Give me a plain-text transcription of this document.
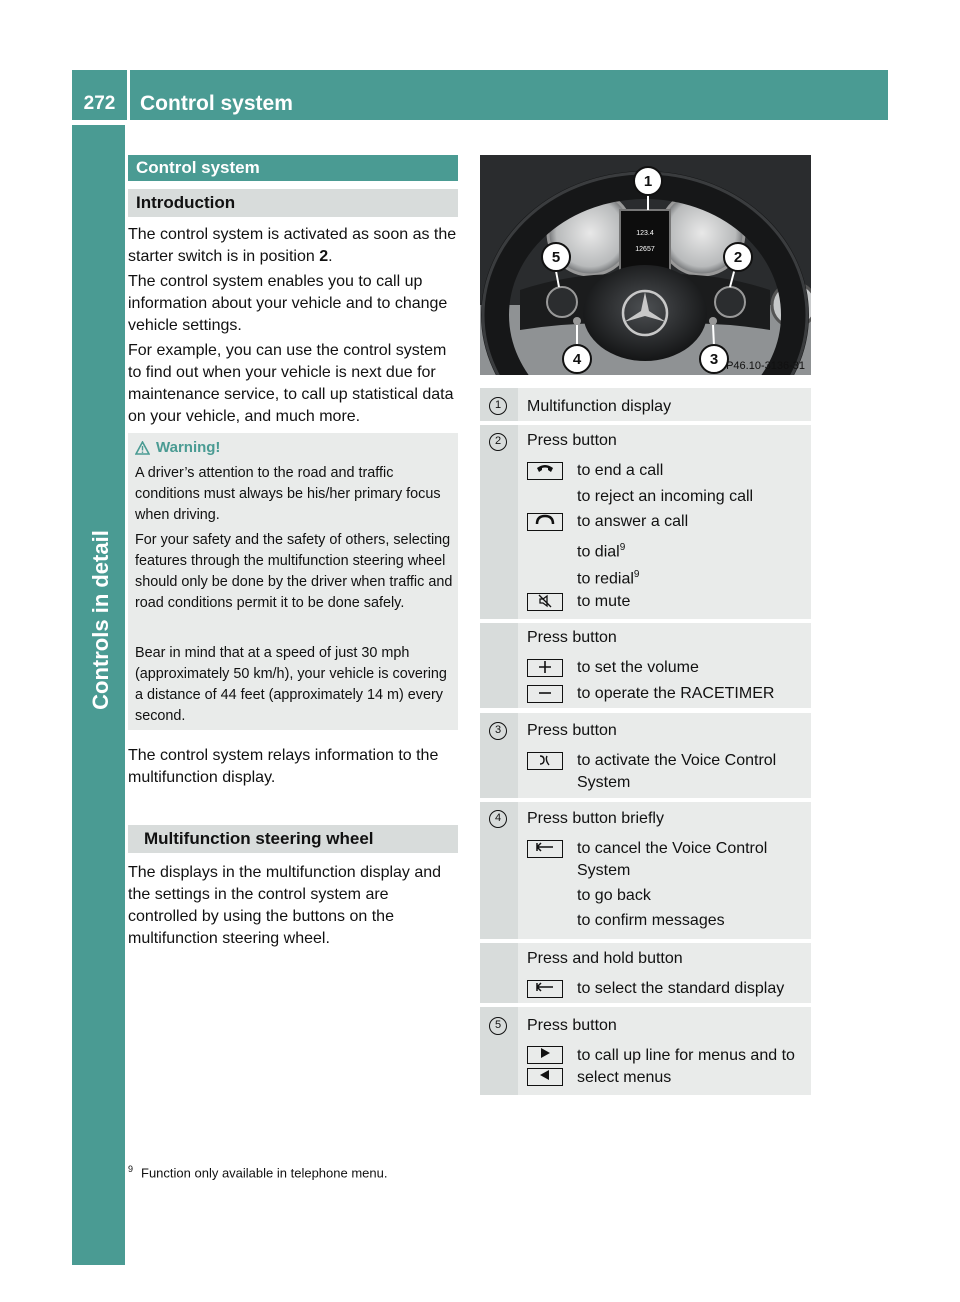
272	Control system
Controls in detail
Control system
Introduction

The control system is activated as soon as the starter switch is in position 2.

The control system enables you to call up information about your vehicle and to change vehicle settings.

For example, you can use the control system to find out when your vehicle is next due for maintenance service, to call up statistical data on your vehicle, and much more.

Warning!

A driver’s attention to the road and traffic conditions must always be his/her primary focus when driving.

For your safety and the safety of others, selecting features through the multifunction steering wheel should only be done by the driver when traffic and road conditions permit it to be done safely.

Bear in mind that at a speed of just 30 mph (approximately 50 km/h), your vehicle is covering a distance of 44 feet (approximately 14 m) every second.

The control system relays information to the multifunction display.

Multifunction steering wheel

The displays in the multifunction display and the settings in the control system are controlled by using the buttons on the multifunction steering wheel.

123.4
12657
1
2
3
4
5
P46.10-3136-31
1	Multifunction display
2	Press button
to end a call
to reject an incoming call
to answer a call
to dial$^9$
to redial$^9$
to mute
Press button
to set the volume
to operate the RACETIMER
3	Press button
to activate the Voice Control System
4	Press button briefly
to cancel the Voice Control System
to go back
to confirm messages
Press and hold button
to select the standard display
5	Press button
to call up line for menus and to select menus
$^9$ Function only available in telephone menu.
